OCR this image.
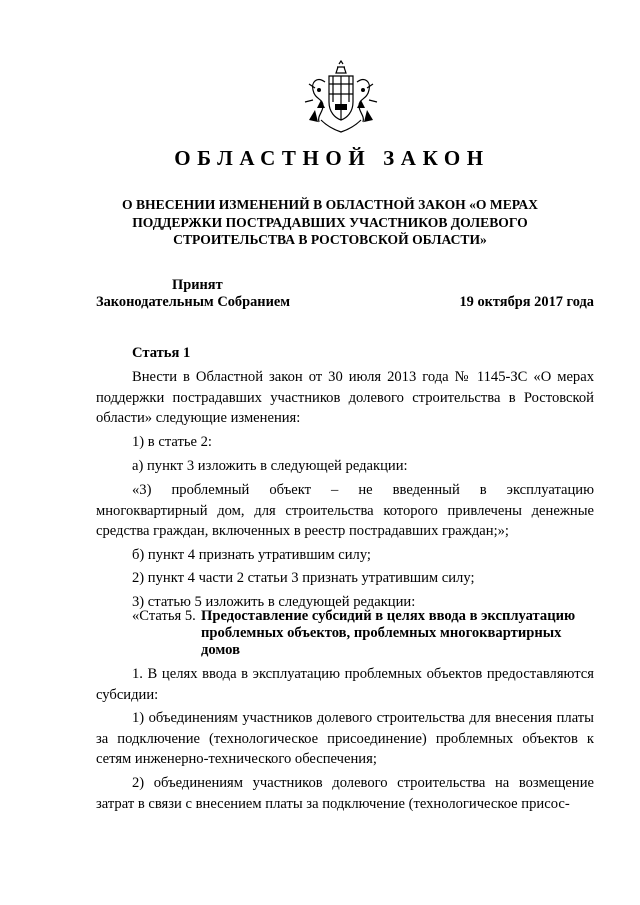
ОБЛАСТНОЙ ЗАКОН
О ВНЕСЕНИИ ИЗМЕНЕНИЙ В ОБЛАСТНОЙ ЗАКОН «О МЕРАХ ПОДДЕРЖКИ ПОСТРАДАВШИХ УЧАСТНИКОВ ДОЛЕВОГО СТРОИТЕЛЬСТВА В РОСТОВСКОЙ ОБЛАСТИ»
Принят
Законодательным Собранием	19 октября 2017 года
Статья 1

Внести в Областной закон от 30 июля 2013 года № 1145-ЗС «О мерах поддержки пострадавших участников долевого строительства в Ростовской области» следующие изменения:

1) в статье 2:

а) пункт 3 изложить в следующей редакции:

«3) проблемный объект – не введенный в эксплуатацию многоквартирный дом, для строительства которого привлечены денежные средства граждан, включенных в реестр пострадавших граждан;»;

б) пункт 4 признать утратившим силу;

2) пункт 4 части 2 статьи 3 признать утратившим силу;

3) статью 5 изложить в следующей редакции:

«Статья 5. Предоставление субсидий в целях ввода в эксплуатацию проблемных объектов, проблемных многоквартирных домов

1. В целях ввода в эксплуатацию проблемных объектов предоставляются субсидии:

1) объединениям участников долевого строительства для внесения платы за подключение (технологическое присоединение) проблемных объектов к сетям инженерно-технического обеспечения;

2) объединениям участников долевого строительства на возмещение затрат в связи с внесением платы за подключение (технологическое присос-
